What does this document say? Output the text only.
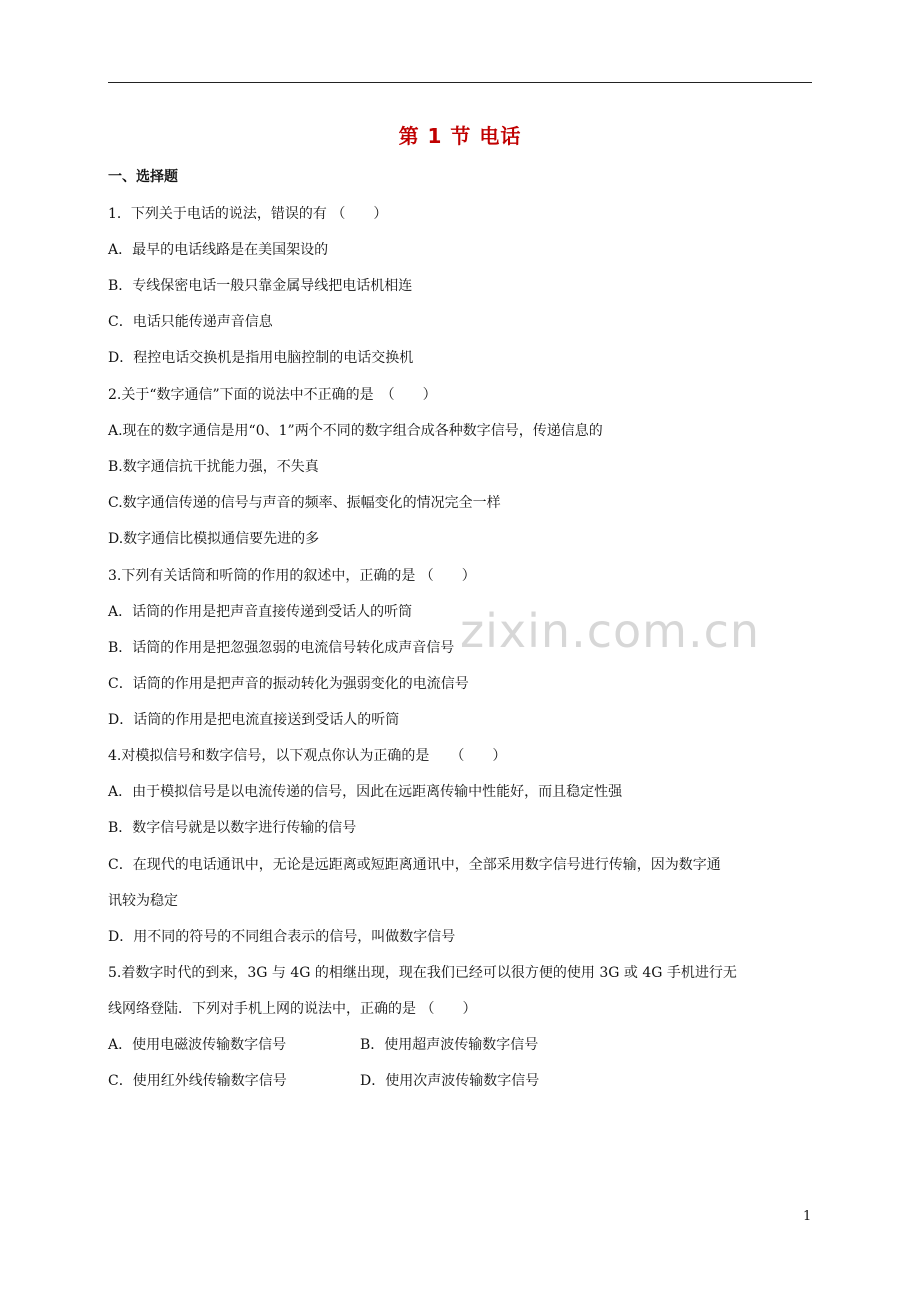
第 1 节 电话
一、选择题
zixin.com.cn
1．下列关于电话的说法，错误的有 （　　）
A．最早的电话线路是在美国架设的
B．专线保密电话一般只靠金属导线把电话机相连
C．电话只能传递声音信息
D．程控电话交换机是指用电脑控制的电话交换机
2.关于“数字通信”下面的说法中不正确的是　（　　）
A.现在的数字通信是用“0、1”两个不同的数字组合成各种数字信号，传递信息的
B.数字通信抗干扰能力强，不失真
C.数字通信传递的信号与声音的频率、振幅变化的情况完全一样
D.数字通信比模拟通信要先进的多
3.下列有关话筒和听筒的作用的叙述中，正确的是 （　　）
A．话筒的作用是把声音直接传递到受话人的听筒
B．话筒的作用是把忽强忽弱的电流信号转化成声音信号
C．话筒的作用是把声音的振动转化为强弱变化的电流信号
D．话筒的作用是把电流直接送到受话人的听筒
4.对模拟信号和数字信号，以下观点你认为正确的是　　（　　）
A．由于模拟信号是以电流传递的信号，因此在远距离传输中性能好，而且稳定性强
B．数字信号就是以数字进行传输的信号
C．在现代的电话通讯中，无论是远距离或短距离通讯中，全部采用数字信号进行传输，因为数字通
讯较为稳定
D．用不同的符号的不同组合表示的信号，叫做数字信号
5.着数字时代的到来，3G 与 4G 的相继出现，现在我们已经可以很方便的使用 3G 或 4G 手机进行无
线网络登陆．下列对手机上网的说法中，正确的是 （　　）
A．使用电磁波传输数字信号	B．使用超声波传输数字信号
C．使用红外线传输数字信号	D．使用次声波传输数字信号
1
